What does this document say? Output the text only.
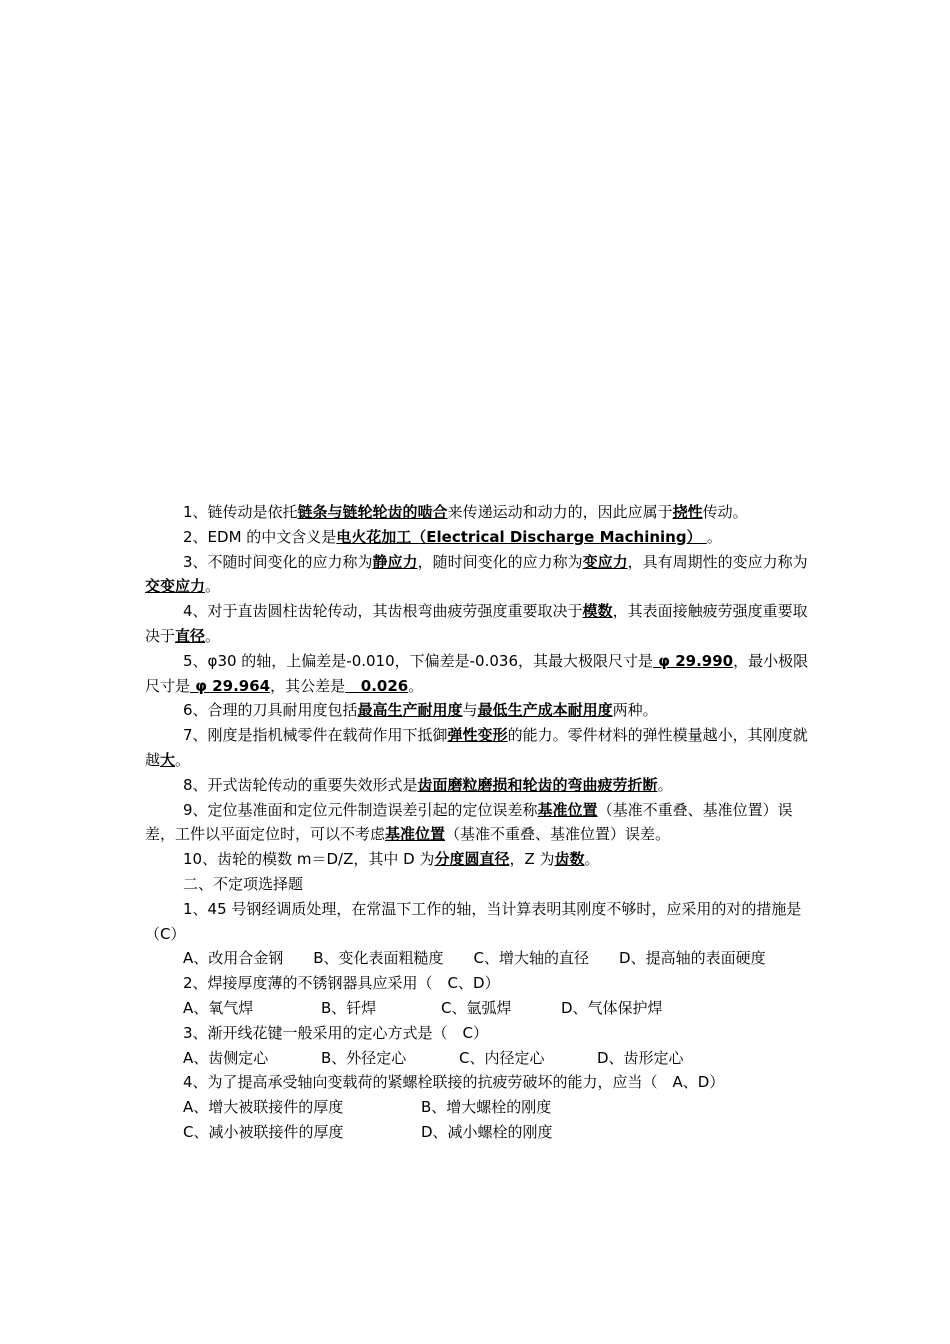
1、链传动是依托链条与链轮轮齿的啮合来传递运动和动力的，因此应属于挠性传动。

2、EDM 的中文含义是电火花加工（Electrical Discharge Machining） 。

3、不随时间变化的应力称为静应力，随时间变化的应力称为变应力，具有周期性的变应力称为交变应力。

4、对于直齿圆柱齿轮传动，其齿根弯曲疲劳强度重要取决于模数，其表面接触疲劳强度重要取决于直径。

5、φ30 的轴，上偏差是-0.010，下偏差是-0.036，其最大极限尺寸是 φ 29.990，最小极限尺寸是 φ 29.964，其公差是   0.026。

6、合理的刀具耐用度包括最高生产耐用度与最低生产成本耐用度两种。

7、刚度是指机械零件在载荷作用下抵御弹性变形的能力。零件材料的弹性模量越小，其刚度就越大。

8、开式齿轮传动的重要失效形式是齿面磨粒磨损和轮齿的弯曲疲劳折断。

9、定位基准面和定位元件制造误差引起的定位误差称基准位置（基准不重叠、基准位置）误差，工件以平面定位时，可以不考虑基准位置（基准不重叠、基准位置）误差。

10、齿轮的模数 m＝D/Z，其中 D 为分度圆直径，Z 为齿数。

二、不定项选择题

1、45 号钢经调质处理，在常温下工作的轴，当计算表明其刚度不够时，应采用的对的措施是（C）

A、改用合金钢　　B、变化表面粗糙度　　C、增大轴的直径　　D、提高轴的表面硬度

2、焊接厚度薄的不锈钢器具应采用（　C、D）

A、氧气焊	B、钎焊	C、氩弧焊	D、气体保护焊

3、渐开线花键一般采用的定心方式是（　C）

A、齿侧定心	B、外径定心	C、内径定心	D、齿形定心

4、为了提高承受轴向变载荷的紧螺栓联接的抗疲劳破坏的能力，应当（　A、D）

A、增大被联接件的厚度	B、增大螺栓的刚度

C、减小被联接件的厚度	D、减小螺栓的刚度
